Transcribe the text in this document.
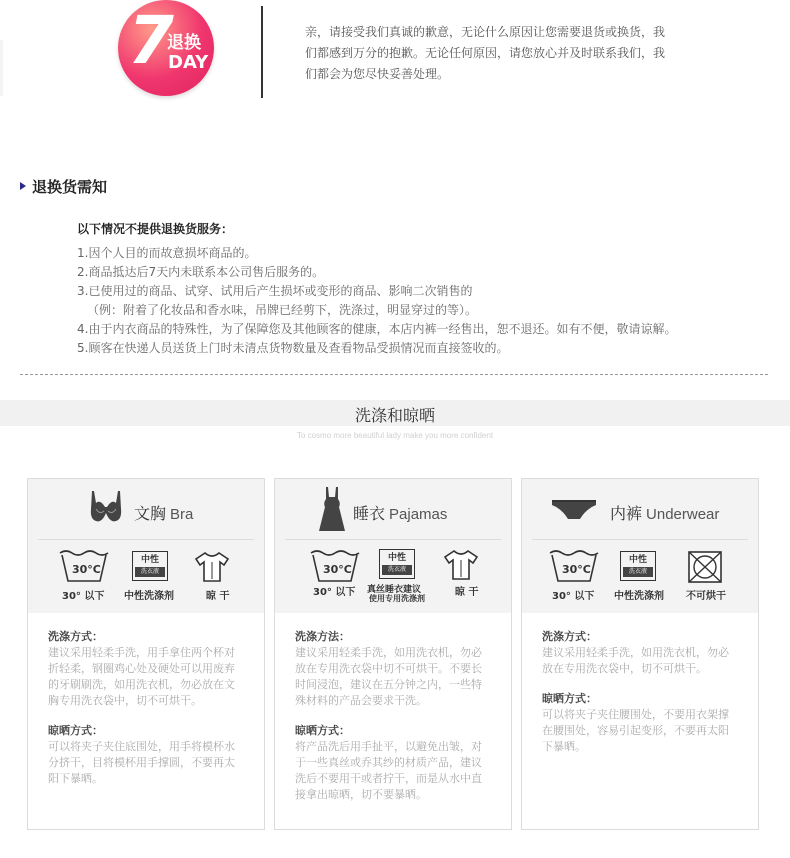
7
退换
DAY

亲，请接受我们真诚的歉意，无论什么原因让您需要退货或换货，我

们都感到万分的抱歉。无论任何原因，请您放心并及时联系我们，我

们都会为您尽快妥善处理。

退换货需知
以下情况不提供退换货服务：
1.因个人目的而故意损坏商品的。
2.商品抵达后7天内未联系本公司售后服务的。
3.已使用过的商品、试穿、试用后产生损坏或变形的商品、影响二次销售的
（例：附着了化妆品和香水味，吊牌已经剪下，洗涤过，明显穿过的等）。
4.由于内衣商品的特殊性，为了保障您及其他顾客的健康，本店内裤一经售出，恕不退还。如有不便，敬请谅解。
5.顾客在快递人员送货上门时未清点货物数量及查看物品受损情况而直接签收的。
洗涤和晾晒
To cosmo more beautiful lady make you more confident
文胸 Bra
30°C
30° 以下
中性
洗衣液
中性洗涤剂	晾 干
洗涤方式：
建议采用轻柔手洗，用手拿住两个杯对
折轻柔，钢圈鸡心处及硬处可以用废弃
的牙刷刷洗，如用洗衣机，勿必放在文
胸专用洗衣袋中，切不可烘干。
晾晒方式：
可以将夹子夹住底围处，用手将模杯水
分挤干，目将模杯用手撑圆，不要再太
阳下暴晒。
睡衣 Pajamas
30°C
30° 以下
中性
洗衣液
真丝睡衣建议
使用专用洗涤剂
晾 干
洗涤方法：
建议采用轻柔手洗，如用洗衣机，勿必
放在专用洗衣袋中切不可烘干。不要长
时间浸泡，建议在五分钟之内，一些特
殊材料的产品会要求干洗。
晾晒方式：
将产品洗后用手扯平，以避免出皱，对
于一些真丝或乔其纱的材质产品，建议
洗后不要用干或者拧干，而是从水中直
接拿出晾晒，切不要暴晒。
内裤 Underwear
30°C
30° 以下
中性
洗衣液
中性洗涤剂 不可烘干
洗涤方式：
建议采用轻柔手洗，如用洗衣机，勿必
放在专用洗衣袋中，切不可烘干。
晾晒方式：
可以将夹子夹住腰围处，不要用衣架撑
在腰围处，容易引起变形，不要再太阳
下暴晒。
